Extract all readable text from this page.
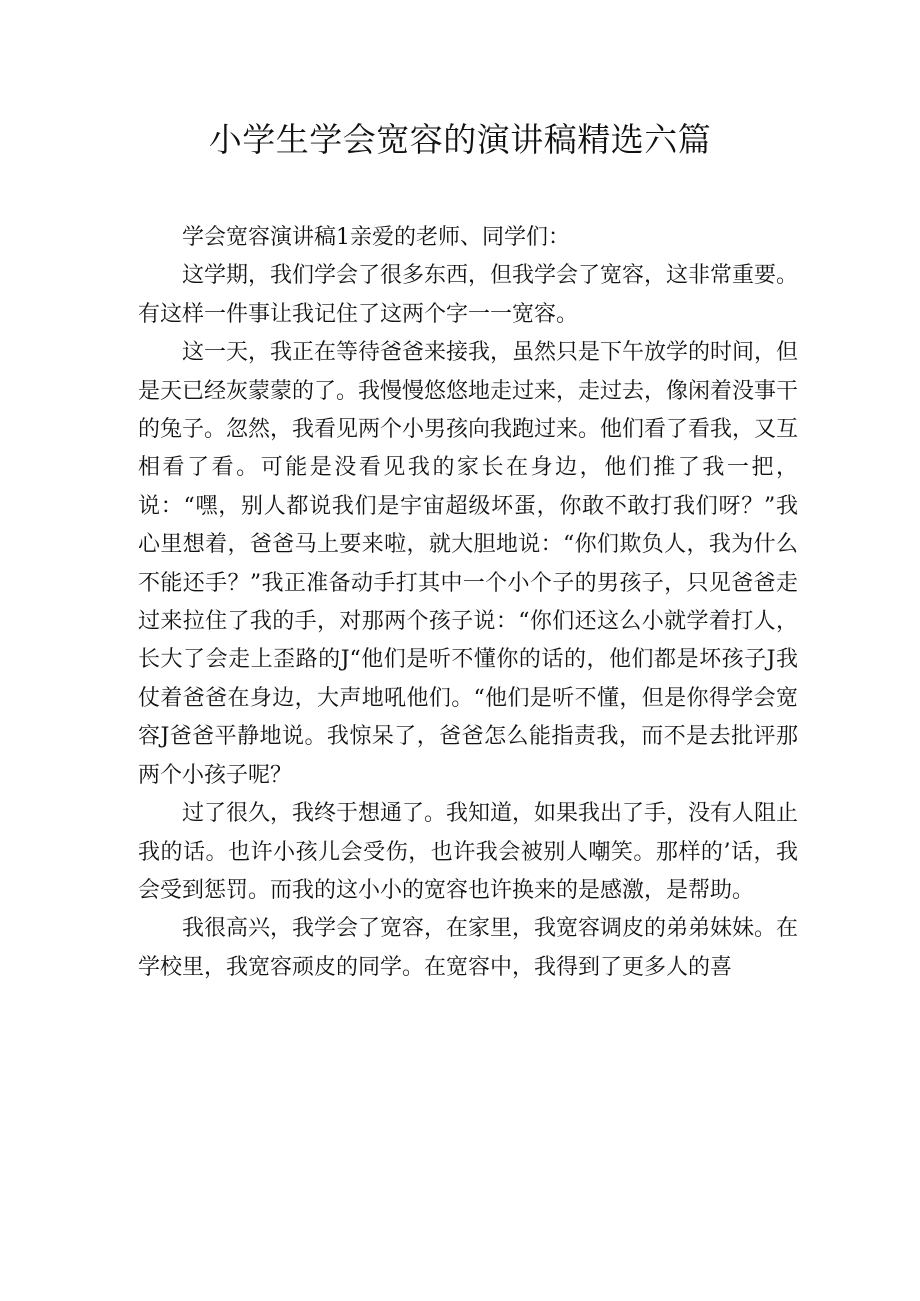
小学生学会宽容的演讲稿精选六篇

学会宽容演讲稿1亲爱的老师、同学们：

这学期，我们学会了很多东西，但我学会了宽容，这非常重要。有这样一件事让我记住了这两个字一一宽容。

这一天，我正在等待爸爸来接我，虽然只是下午放学的时间，但是天已经灰蒙蒙的了。我慢慢悠悠地走过来，走过去，像闲着没事干的兔子。忽然，我看见两个小男孩向我跑过来。他们看了看我，又互相看了看。可能是没看见我的家长在身边，他们推了我一把，说：“嘿，别人都说我们是宇宙超级坏蛋，你敢不敢打我们呀？”我心里想着，爸爸马上要来啦，就大胆地说：“你们欺负人，我为什么不能还手？”我正准备动手打其中一个小个子的男孩子，只见爸爸走过来拉住了我的手，对那两个孩子说：“你们还这么小就学着打人，长大了会走上歪路的J“他们是听不懂你的话的，他们都是坏孩子J我仗着爸爸在身边，大声地吼他们。“他们是听不懂，但是你得学会宽容J爸爸平静地说。我惊呆了，爸爸怎么能指责我，而不是去批评那两个小孩子呢？

过了很久，我终于想通了。我知道，如果我出了手，没有人阻止我的话。也许小孩儿会受伤，也许我会被别人嘲笑。那样的’话，我会受到惩罚。而我的这小小的宽容也许换来的是感激，是帮助。

我很高兴，我学会了宽容，在家里，我宽容调皮的弟弟妹妹。在学校里，我宽容顽皮的同学。在宽容中，我得到了更多人的喜
